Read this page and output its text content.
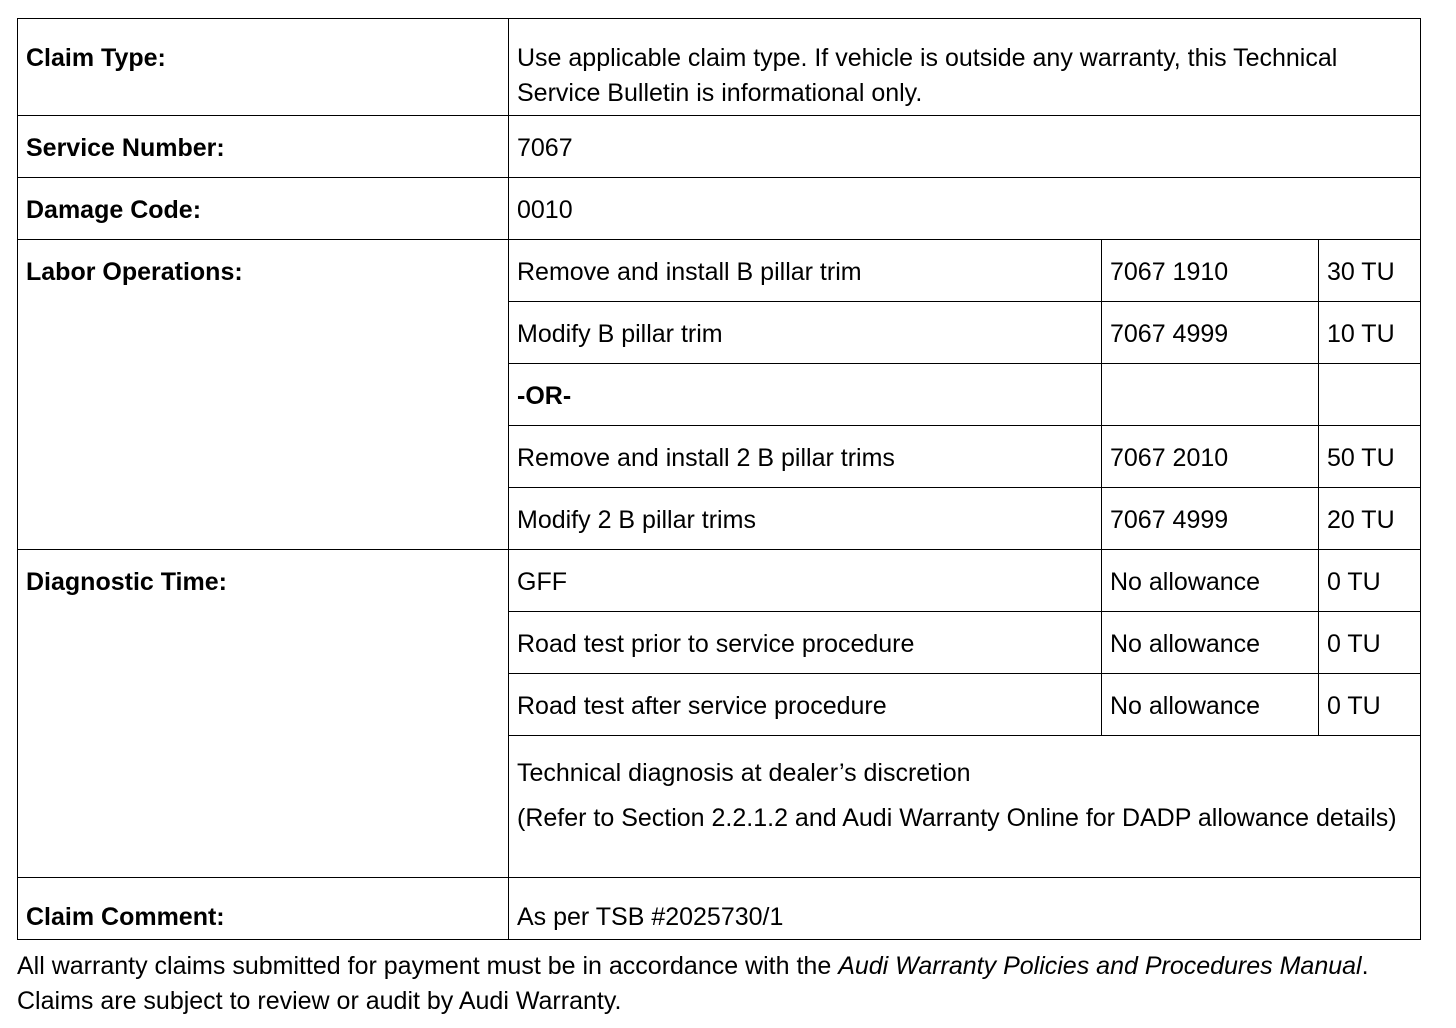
Claim Type:	Use applicable claim type. If vehicle is outside any warranty, this Technical Service Bulletin is informational only.		
Service Number:	7067		
Damage Code:	0010		
Labor Operations:	Remove and install B pillar trim	7067 1910	30 TU
	Modify B pillar trim	7067 4999	10 TU
	-OR-		
	Remove and install 2 B pillar trims	7067 2010	50 TU
	Modify 2 B pillar trims	7067 4999	20 TU
Diagnostic Time:	GFF	No allowance	0 TU
	Road test prior to service procedure	No allowance	0 TU
	Road test after service procedure	No allowance	0 TU

	Technical diagnosis at dealer’s discretion
(Refer to Section 2.2.1.2 and Audi Warranty Online for DADP allowance details)		

Claim Comment:	As per TSB #2025730/1		
All warranty claims submitted for payment must be in accordance with the Audi Warranty Policies and Procedures Manual. Claims are subject to review or audit by Audi Warranty.
